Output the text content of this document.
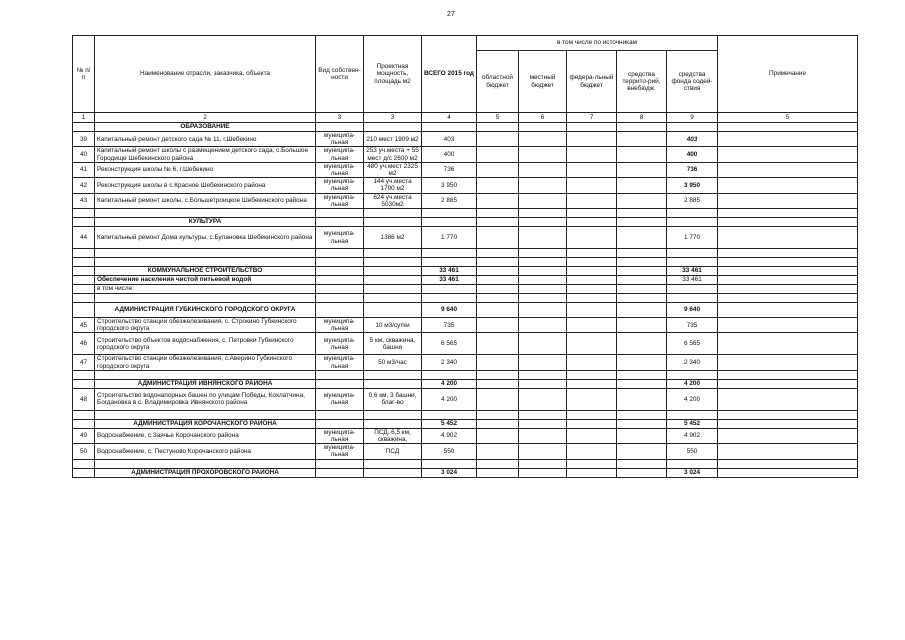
27
№ п/п	Наименование отрасли, заказчика, объекта	Вид собствен-ности	Проектная мощность, площадь м2	ВСЕГО 2015 год	в том числе по источникам					Примечание
					областной бюджет	местный бюджет	федера-льный бюджет	средства террито-рий, внебюдж.	средства фонда содей-ствия	
1	2	3	3	4	5	6	7	8	9	5
	ОБРАЗОВАНИЕ									
39	Капитальный ремонт детского сада № 11, г.Шебекино	муниципа-льная	210 мест 1909 м2	403					403	
40	Капитальный ремонт школы с размещением детского сада, с.Большое Городище Шебекинского района	муниципа-льная	253 уч.места + 55 мест д/с 2600 м2	400					400	
41	Реконструкция школы № 6, г.Шебекино	муниципа-льная	480 уч.мест 2325 м2	736					736	
42	Реконструкция школы в с.Красное Шебекинского района	муниципа-льная	144 уч.места 1700 м2	3 950					3 950	
43	Капитальный ремонт школы, с.Большетроицкое Шебекинского района	муниципа-льная	624 уч.места 5030м2	2 885					2 885	

	КУЛЬТУРА									
44	Капитальный ремонт Дома культуры, с.Булановка Шебекинского района	муниципа-льная	1386 м2	1 770					1 770	

	КОММУНАЛЬНОЕ СТРОИТЕЛЬСТВО			33 461					33 461	
	Обеспечение населения чистой питьевой водой			33 461					33 461	
	в том числе:									

	АДМИНИСТРАЦИЯ ГУБКИНСКОГО ГОРОДСКОГО ОКРУГА			9 640					9 640	
45	Строительство станции обезжелезивания, с. Строкино Губкинского городского округа	муниципа-льная	10 м3/сутки	735					735	
46	Строительство объектов водоснабжения, с. Петровки Губкинского городского округа	муниципа-льная	5 км, скважина, башня	6 565					6 565	
47	Строительство станции обезжелезивания, с.Аверино Губкинского городского округа	муниципа-льная	50 м3/час	2 340					2 340	

	АДМИНИСТРАЦИЯ ИВНЯНСКОГО РАЙОНА			4 200					4 200	
48	Строительство водонапорных башен по улицам Победы, Кохлатчина, Богдановка в с. Владимировка Ивнянского района	муниципа-льная	0,6 км, 3 башни, благ-во	4 200					4 200	

	АДМИНИСТРАЦИЯ КОРОЧАНСКОГО РАЙОНА			5 452					5 452	
49	Водоснабжение, с.Заячье Корочанского района	муниципа-льная	ПСД, 6,5 км, скважина,	4 902					4 902	
50	Водоснабжение, с. Пестуново Корочанского района	муниципа-льная	ПСД	550					550	

	АДМИНИСТРАЦИЯ ПРОХОРОВСКОГО РАЙОНА			3 024					3 024	
